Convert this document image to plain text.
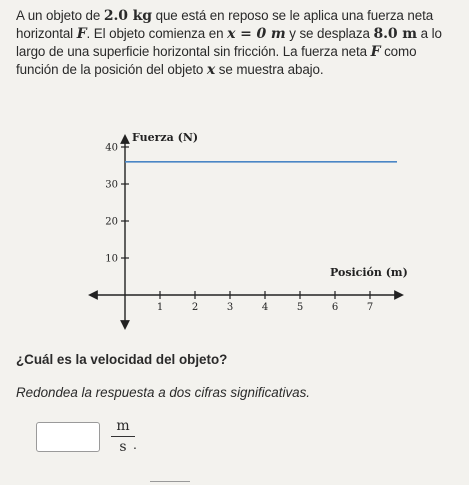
A un objeto de 2.0 kg que está en reposo se le aplica una fuerza neta horizontal F. El objeto comienza en x = 0 m y se desplaza 8.0 m a lo largo de una superficie horizontal sin fricción. La fuerza neta F como función de la posición del objeto x se muestra abajo.
1	2	3	4	5	6	7
10
20
30
40
Fuerza (N)
Posición (m)
¿Cuál es la velocidad del objeto?
Redondea la respuesta a dos cifras significativas.
m
s .
